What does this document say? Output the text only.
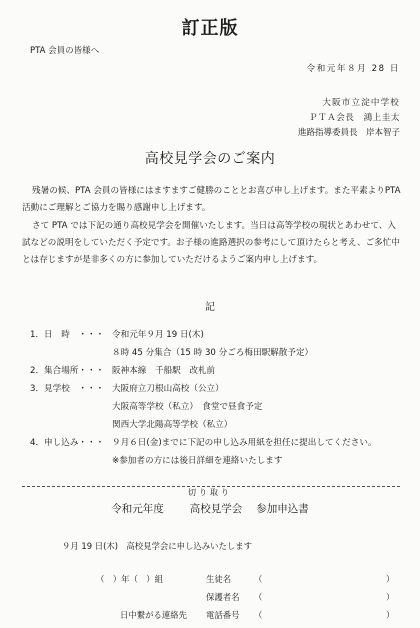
訂正版
PTA 会員の皆様へ
令和元年８月 28 日
大阪市立淀中学校
ＰＴＡ会長　鴻上圭太
進路指導委員長　岸本智子
高校見学会のご案内
残暑の候、PTA 会員の皆様にはますますご健勝のこととお喜び申し上げます。また平素よりPTA 活動にご理解とご協力を賜り感謝申し上げます。
さて PTA では下記の通り高校見学会を開催いたします。当日は高等学校の現状とあわせて、入試などの説明をしていただく予定です。お子様の進路選択の参考にして頂けたらと考え、ご多忙中とは存じますが是非多くの方に参加していただけるようご案内申し上げます。
記
1．日　時　・・・ 令和元年９月 19 日(木)
８時 45 分集合（15 時 30 分ごろ梅田駅解散予定）
2．集合場所・・・ 阪神本線　千船駅　改札前
3．見学校　・・・ 大阪府立刀根山高校（公立）
大阪高等学校（私立）　食堂で昼食予定
関西大学北陽高等学校（私立）
4．申し込み・・・ ９月６日(金)までに下記の申し込み用紙を担任に提出してください。
※参加者の方には後日詳細を連絡いたします
切り取り
令和元年度 高校見学会 参加申込書
９月 19 日(木)　高校見学会に申し込みいたします
（　）年（　）組	生徒名	（	）
保護者名 （	）
日中繋がる連絡先 電話番号 （	）
